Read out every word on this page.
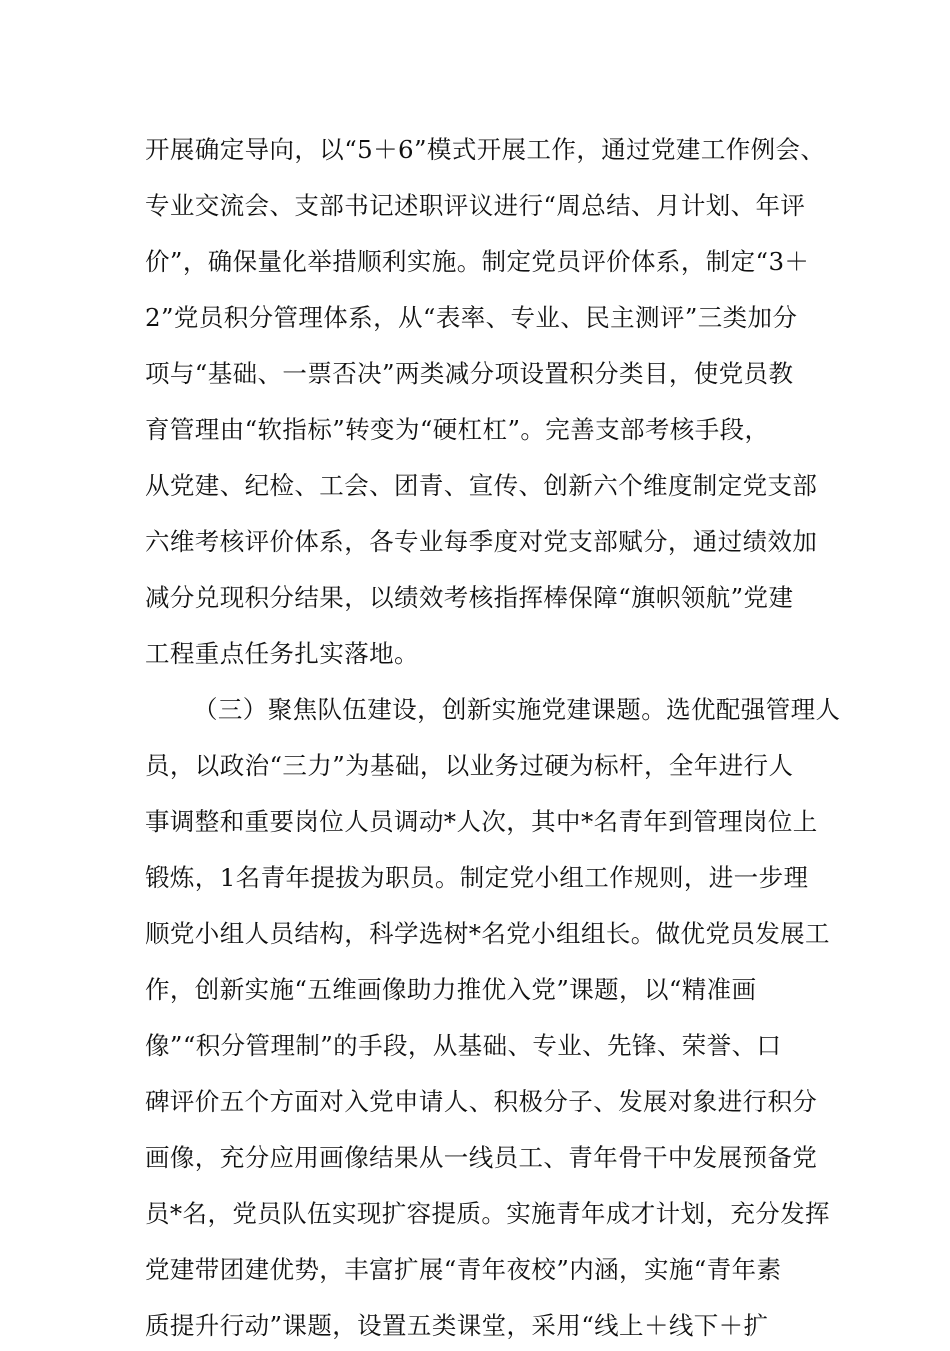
开展确定导向，以“5＋6”模式开展工作，通过党建工作例会、
专业交流会、支部书记述职评议进行“周总结、月计划、年评
价”，确保量化举措顺利实施。制定党员评价体系，制定“3＋
2”党员积分管理体系，从“表率、专业、民主测评”三类加分
项与“基础、一票否决”两类减分项设置积分类目，使党员教
育管理由“软指标”转变为“硬杠杠”。完善支部考核手段，
从党建、纪检、工会、团青、宣传、创新六个维度制定党支部
六维考核评价体系，各专业每季度对党支部赋分，通过绩效加
减分兑现积分结果，以绩效考核指挥棒保障“旗帜领航”党建
工程重点任务扎实落地。
（三）聚焦队伍建设，创新实施党建课题。选优配强管理人
员，以政治“三力”为基础，以业务过硬为标杆，全年进行人
事调整和重要岗位人员调动*人次，其中*名青年到管理岗位上
锻炼，1名青年提拔为职员。制定党小组工作规则，进一步理
顺党小组人员结构，科学选树*名党小组组长。做优党员发展工
作，创新实施“五维画像助力推优入党”课题，以“精准画
像”“积分管理制”的手段，从基础、专业、先锋、荣誉、口
碑评价五个方面对入党申请人、积极分子、发展对象进行积分
画像，充分应用画像结果从一线员工、青年骨干中发展预备党
员*名，党员队伍实现扩容提质。实施青年成才计划，充分发挥
党建带团建优势，丰富扩展“青年夜校”内涵，实施“青年素
质提升行动”课题，设置五类课堂，采用“线上＋线下＋扩
